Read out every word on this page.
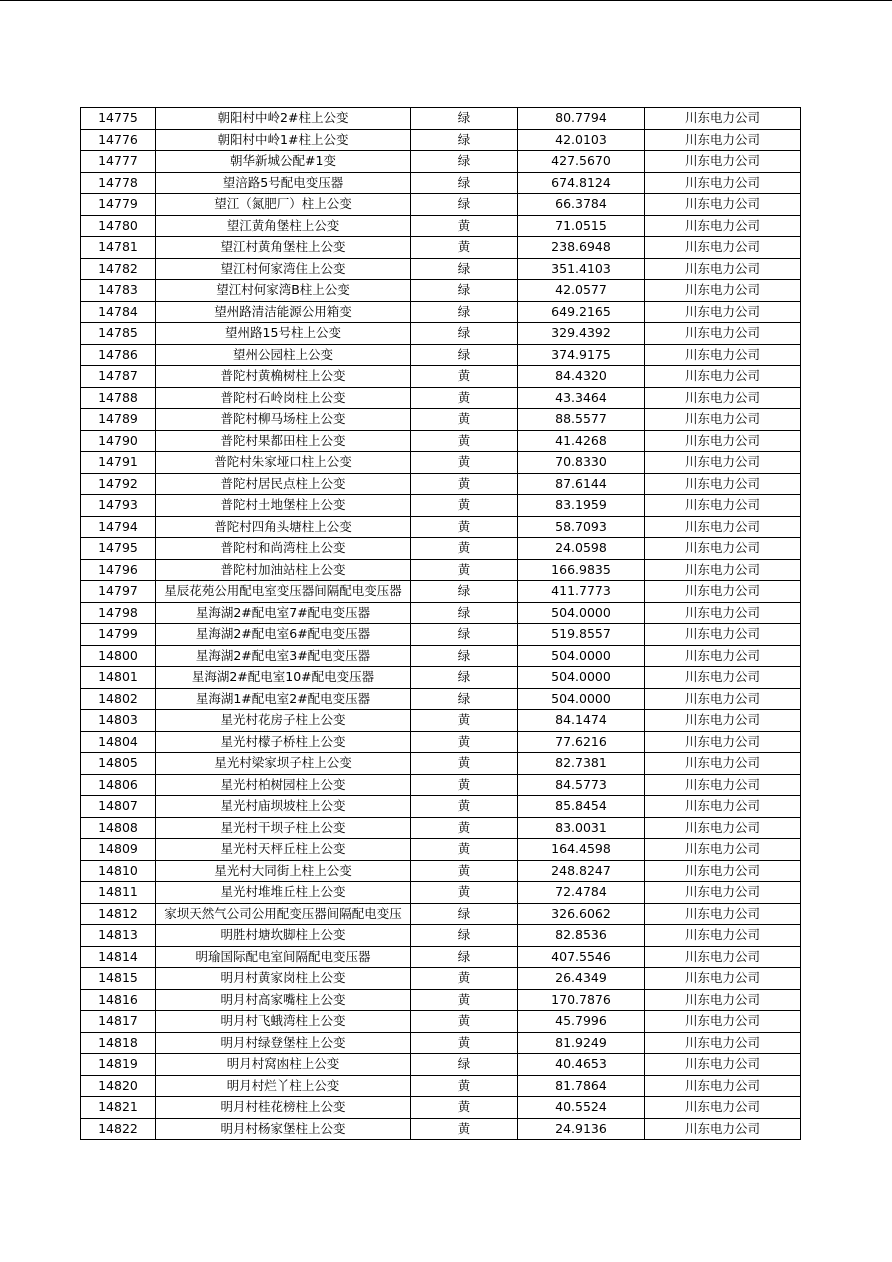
14775	朝阳村中岭2#柱上公变	绿	80.7794	川东电力公司
14776	朝阳村中岭1#柱上公变	绿	42.0103	川东电力公司
14777	朝华新城公配#1变	绿	427.5670	川东电力公司
14778	望涪路5号配电变压器	绿	674.8124	川东电力公司
14779	望江（氮肥厂）柱上公变	绿	66.3784	川东电力公司
14780	望江黄角堡柱上公变	黄	71.0515	川东电力公司
14781	望江村黄角堡柱上公变	黄	238.6948	川东电力公司
14782	望江村何家湾住上公变	绿	351.4103	川东电力公司
14783	望江村何家湾B柱上公变	绿	42.0577	川东电力公司
14784	望州路清洁能源公用箱变	绿	649.2165	川东电力公司
14785	望州路15号柱上公变	绿	329.4392	川东电力公司
14786	望州公园柱上公变	绿	374.9175	川东电力公司
14787	普陀村黄桷树柱上公变	黄	84.4320	川东电力公司
14788	普陀村石岭岗柱上公变	黄	43.3464	川东电力公司
14789	普陀村柳马场柱上公变	黄	88.5577	川东电力公司
14790	普陀村果都田柱上公变	黄	41.4268	川东电力公司
14791	普陀村朱家垭口柱上公变	黄	70.8330	川东电力公司
14792	普陀村居民点柱上公变	黄	87.6144	川东电力公司
14793	普陀村土地堡柱上公变	黄	83.1959	川东电力公司
14794	普陀村四角头塘柱上公变	黄	58.7093	川东电力公司
14795	普陀村和尚湾柱上公变	黄	24.0598	川东电力公司
14796	普陀村加油站柱上公变	黄	166.9835	川东电力公司
14797	星辰花苑公用配电室变压器间隔配电变压器	绿	411.7773	川东电力公司
14798	星海湖2#配电室7#配电变压器	绿	504.0000	川东电力公司
14799	星海湖2#配电室6#配电变压器	绿	519.8557	川东电力公司
14800	星海湖2#配电室3#配电变压器	绿	504.0000	川东电力公司
14801	星海湖2#配电室10#配电变压器	绿	504.0000	川东电力公司
14802	星海湖1#配电室2#配电变压器	绿	504.0000	川东电力公司
14803	星光村花房子柱上公变	黄	84.1474	川东电力公司
14804	星光村檬子桥柱上公变	黄	77.6216	川东电力公司
14805	星光村梁家坝子柱上公变	黄	82.7381	川东电力公司
14806	星光村柏树园柱上公变	黄	84.5773	川东电力公司
14807	星光村庙坝坡柱上公变	黄	85.8454	川东电力公司
14808	星光村干坝子柱上公变	黄	83.0031	川东电力公司
14809	星光村天枰丘柱上公变	黄	164.4598	川东电力公司
14810	星光村大同街上柱上公变	黄	248.8247	川东电力公司
14811	星光村堆堆丘柱上公变	黄	72.4784	川东电力公司
14812	家坝天然气公司公用配变压器间隔配电变压	绿	326.6062	川东电力公司
14813	明胜村塘坎脚柱上公变	绿	82.8536	川东电力公司
14814	明瑜国际配电室间隔配电变压器	绿	407.5546	川东电力公司
14815	明月村黄家岗柱上公变	黄	26.4349	川东电力公司
14816	明月村高家嘴柱上公变	黄	170.7876	川东电力公司
14817	明月村飞蛾湾柱上公变	黄	45.7996	川东电力公司
14818	明月村绿登堡柱上公变	黄	81.9249	川东电力公司
14819	明月村窝凼柱上公变	绿	40.4653	川东电力公司
14820	明月村烂丫柱上公变	黄	81.7864	川东电力公司
14821	明月村桂花榜柱上公变	黄	40.5524	川东电力公司
14822	明月村杨家堡柱上公变	黄	24.9136	川东电力公司
